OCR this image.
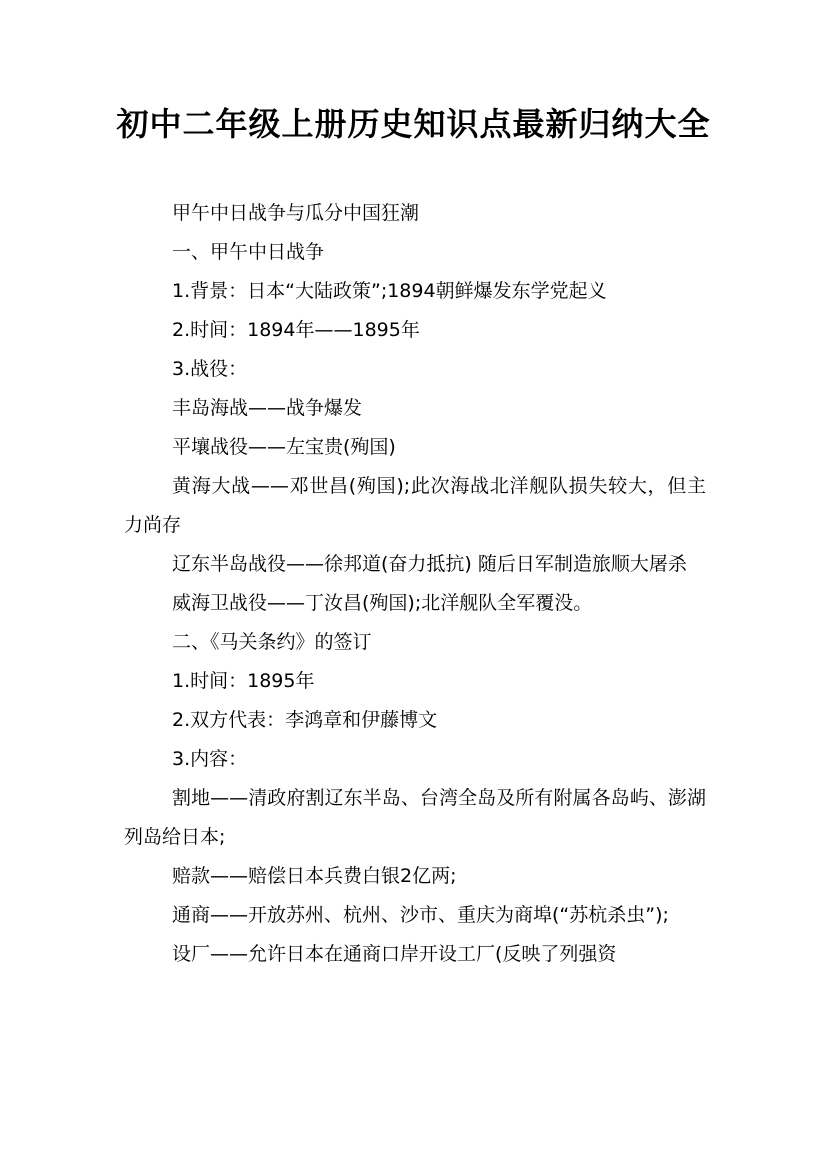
初中二年级上册历史知识点最新归纳大全

甲午中日战争与瓜分中国狂潮

一、甲午中日战争

1.背景：日本“大陆政策”;1894朝鲜爆发东学党起义

2.时间：1894年——1895年

3.战役：

丰岛海战——战争爆发

平壤战役——左宝贵(殉国)

黄海大战——邓世昌(殉国);此次海战北洋舰队损失较大，但主力尚存

辽东半岛战役——徐邦道(奋力抵抗) 随后日军制造旅顺大屠杀

威海卫战役——丁汝昌(殉国);北洋舰队全军覆没。

二、《马关条约》的签订

1.时间：1895年

2.双方代表：李鸿章和伊藤博文

3.内容：

割地——清政府割辽东半岛、台湾全岛及所有附属各岛屿、澎湖列岛给日本;

赔款——赔偿日本兵费白银2亿两;

通商——开放苏州、杭州、沙市、重庆为商埠(“苏杭杀虫”);

设厂——允许日本在通商口岸开设工厂(反映了列强资
